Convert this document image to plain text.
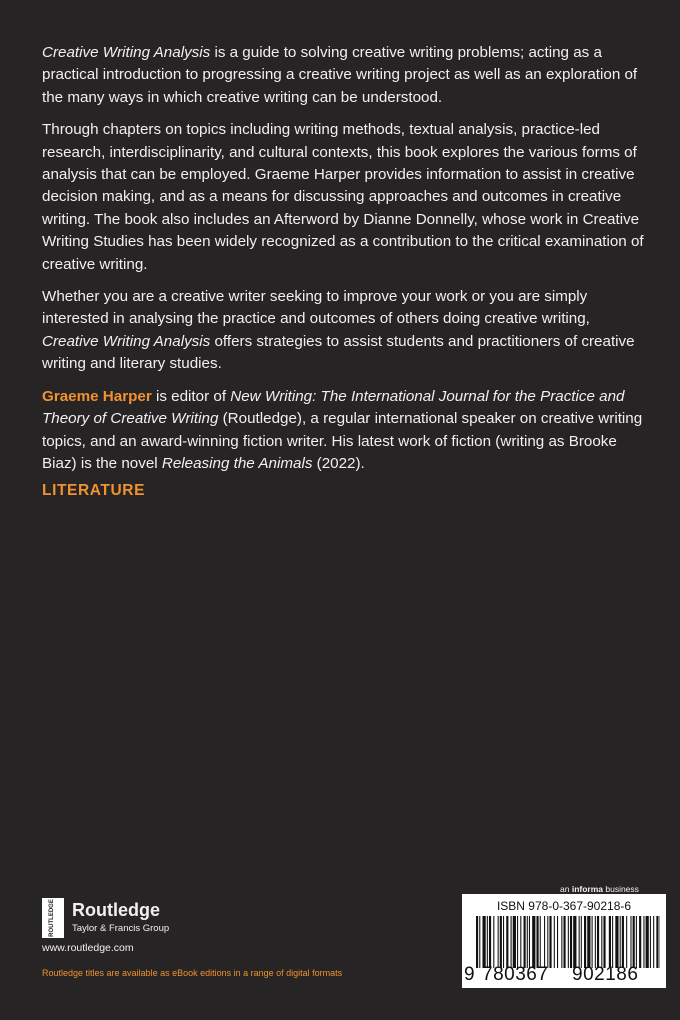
Creative Writing Analysis is a guide to solving creative writing problems; acting as a practical introduction to progressing a creative writing project as well as an exploration of the many ways in which creative writing can be understood.

Through chapters on topics including writing methods, textual analysis, practice-led research, interdisciplinarity, and cultural contexts, this book explores the various forms of analysis that can be employed. Graeme Harper provides information to assist in creative decision making, and as a means for discussing approaches and outcomes in creative writing. The book also includes an Afterword by Dianne Donnelly, whose work in Creative Writing Studies has been widely recognized as a contribution to the critical examination of creative writing.

Whether you are a creative writer seeking to improve your work or you are simply interested in analysing the practice and outcomes of others doing creative writing, Creative Writing Analysis offers strategies to assist students and practitioners of creative writing and literary studies.

Graeme Harper is editor of New Writing: The International Journal for the Practice and Theory of Creative Writing (Routledge), a regular international speaker on creative writing topics, and an award-winning fiction writer. His latest work of fiction (writing as Brooke Biaz) is the novel Releasing the Animals (2022).

LITERATURE
ROUTLEDGE Routledge
Taylor & Francis Group
www.routledge.com
Routledge titles are available as eBook editions in a range of digital formats
an informa business
ISBN 978-0-367-90218-6
9 780367 902186
